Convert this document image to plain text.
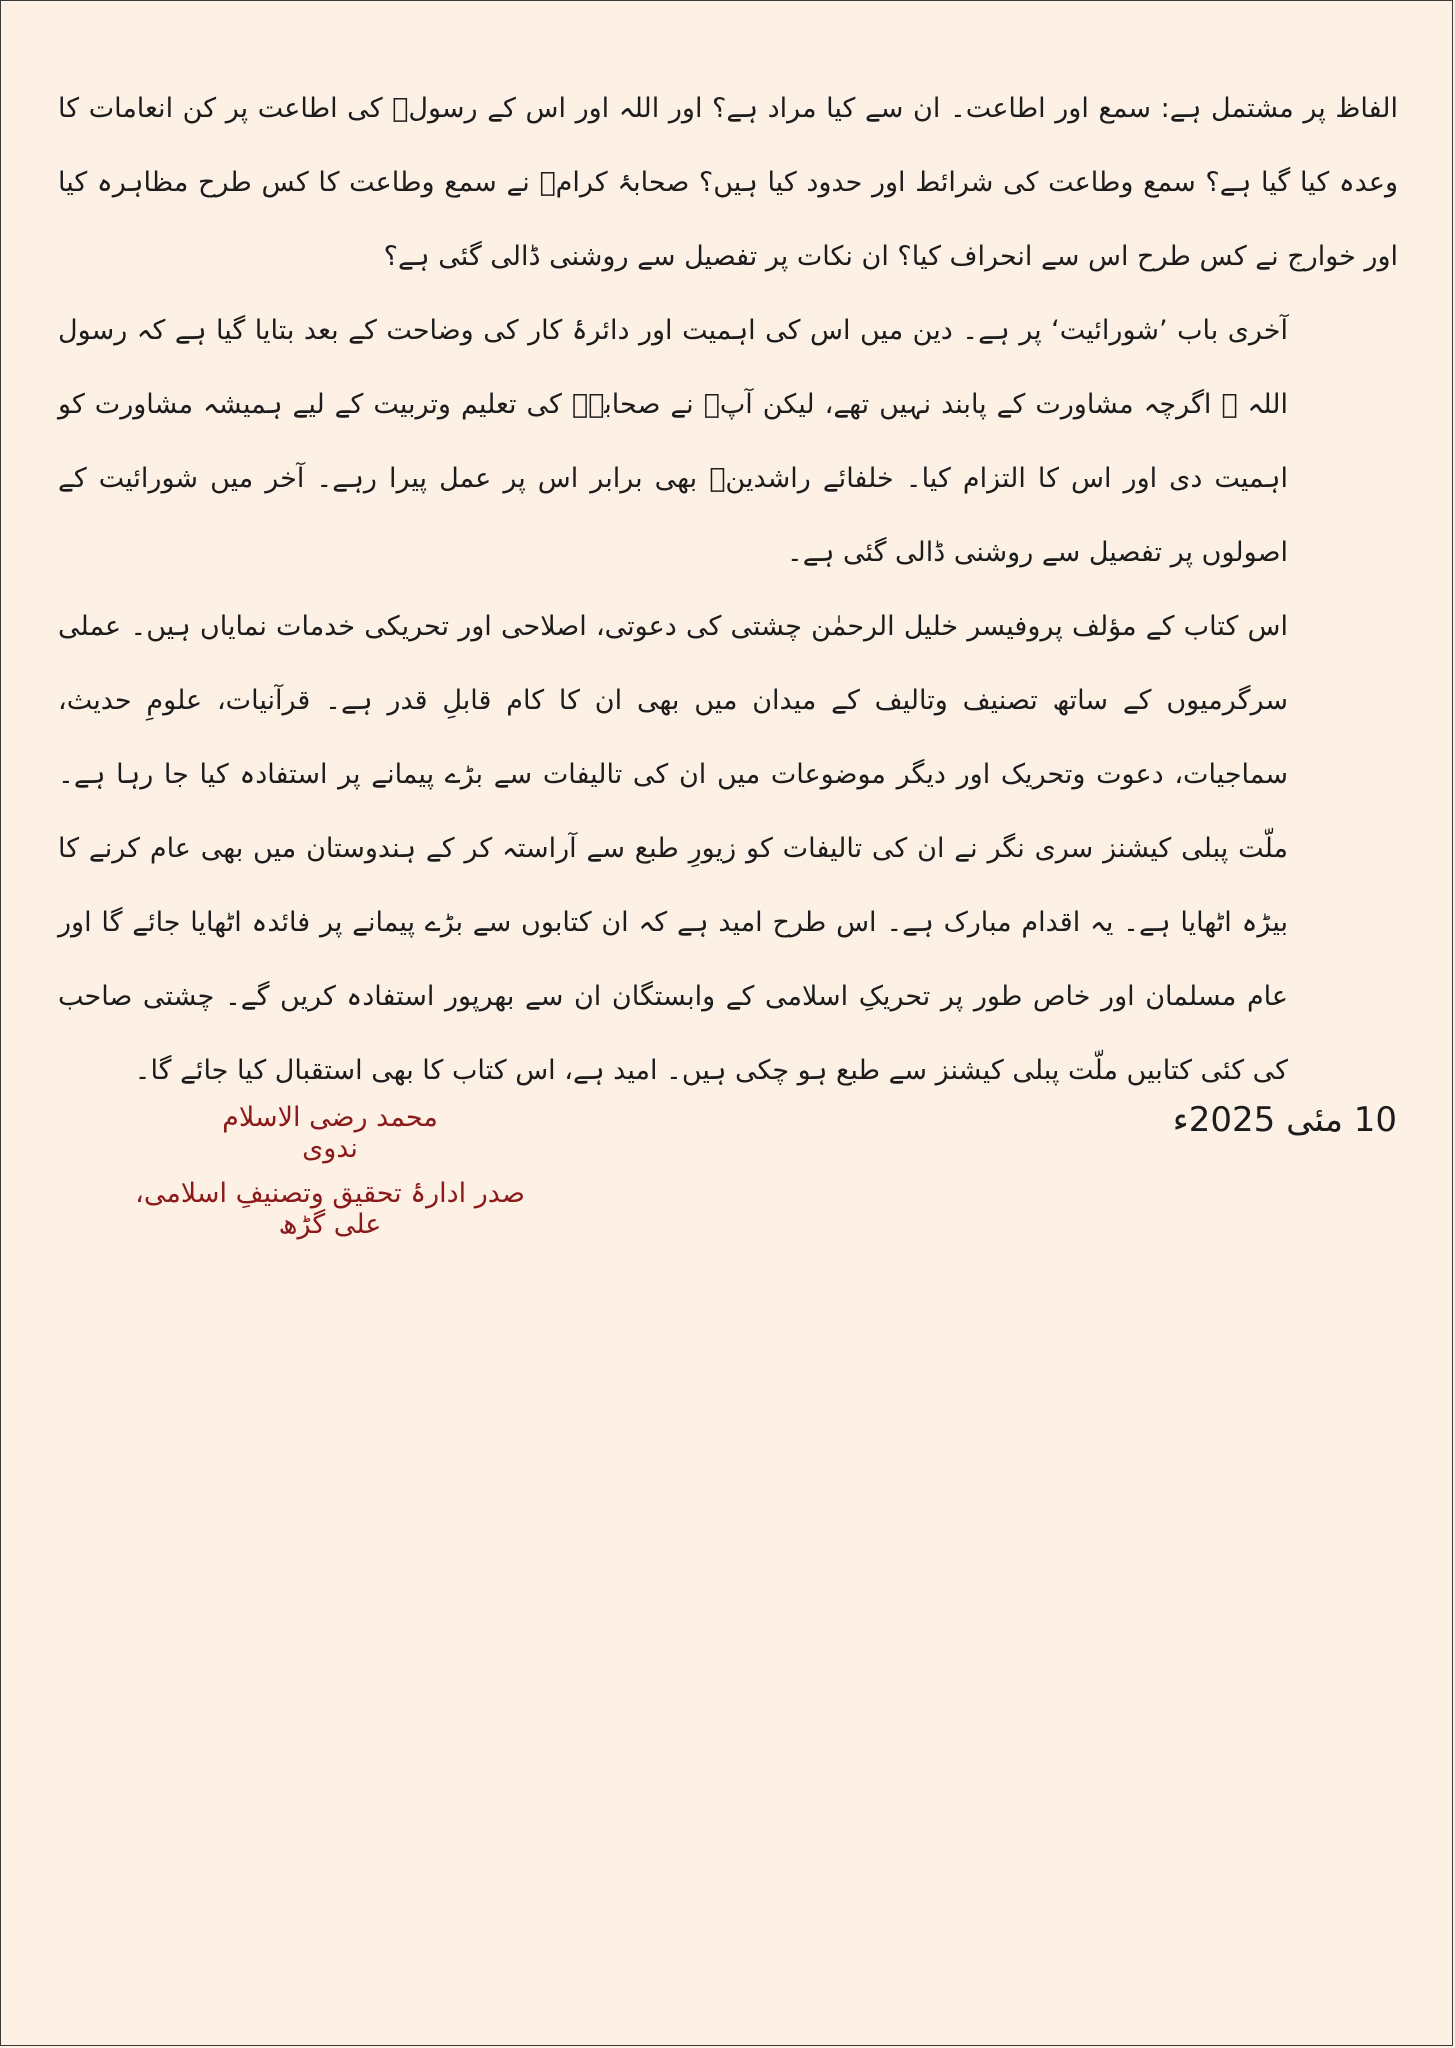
الفاظ پر مشتمل ہے: سمع اور اطاعت۔ ان سے کیا مراد ہے؟ اور اللہ اور اس کے رسولؐ کی اطاعت پر کن انعامات کا وعدہ کیا گیا ہے؟ سمع وطاعت کی شرائط اور حدود کیا ہیں؟ صحابۂ کرامؓ نے سمع وطاعت کا کس طرح مظاہرہ کیا اور خوارج نے کس طرح اس سے انحراف کیا؟ ان نکات پر تفصیل سے روشنی ڈالی گئی ہے؟

آخری باب ’شورائیت‘ پر ہے۔ دین میں اس کی اہمیت اور دائرۂ کار کی وضاحت کے بعد بتایا گیا ہے کہ رسول اللہ ﷺ اگرچہ مشاورت کے پابند نہیں تھے، لیکن آپؐ نے صحابہؓ کی تعلیم وتربیت کے لیے ہمیشہ مشاورت کو اہمیت دی اور اس کا التزام کیا۔ خلفائے راشدینؓ بھی برابر اس پر عمل پیرا رہے۔ آخر میں شورائیت کے اصولوں پر تفصیل سے روشنی ڈالی گئی ہے۔

اس کتاب کے مؤلف پروفیسر خلیل الرحمٰن چشتی کی دعوتی، اصلاحی اور تحریکی خدمات نمایاں ہیں۔ عملی سرگرمیوں کے ساتھ تصنیف وتالیف کے میدان میں بھی ان کا کام قابلِ قدر ہے۔ قرآنیات، علومِ حدیث، سماجیات، دعوت وتحریک اور دیگر موضوعات میں ان کی تالیفات سے بڑے پیمانے پر استفادہ کیا جا رہا ہے۔ ملّت پبلی کیشنز سری نگر نے ان کی تالیفات کو زیورِ طبع سے آراستہ کر کے ہندوستان میں بھی عام کرنے کا بیڑہ اٹھایا ہے۔ یہ اقدام مبارک ہے۔ اس طرح امید ہے کہ ان کتابوں سے بڑے پیمانے پر فائدہ اٹھایا جائے گا اور عام مسلمان اور خاص طور پر تحریکِ اسلامی کے وابستگان ان سے بھرپور استفادہ کریں گے۔ چشتی صاحب کی کئی کتابیں ملّت پبلی کیشنز سے طبع ہو چکی ہیں۔ امید ہے، اس کتاب کا بھی استقبال کیا جائے گا۔

10 مئی 2025ء
محمد رضی الاسلام ندوی
صدر ادارۂ تحقیق وتصنیفِ اسلامی، علی گڑھ
